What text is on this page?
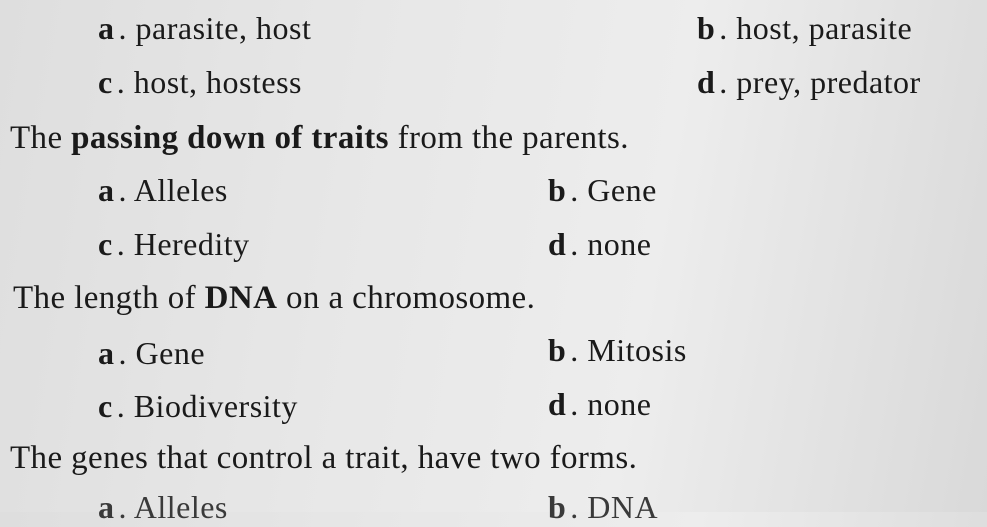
a . parasite, host	b . host, parasite
c . host, hostess	d . prey, predator
The passing down of traits from the parents.
a . Alleles	b . Gene
c . Heredity	d . none
The length of DNA on a chromosome.
a . Gene	b . Mitosis
c . Biodiversity	d . none
The genes that control a trait, have two forms.
a . Alleles	b . DNA
